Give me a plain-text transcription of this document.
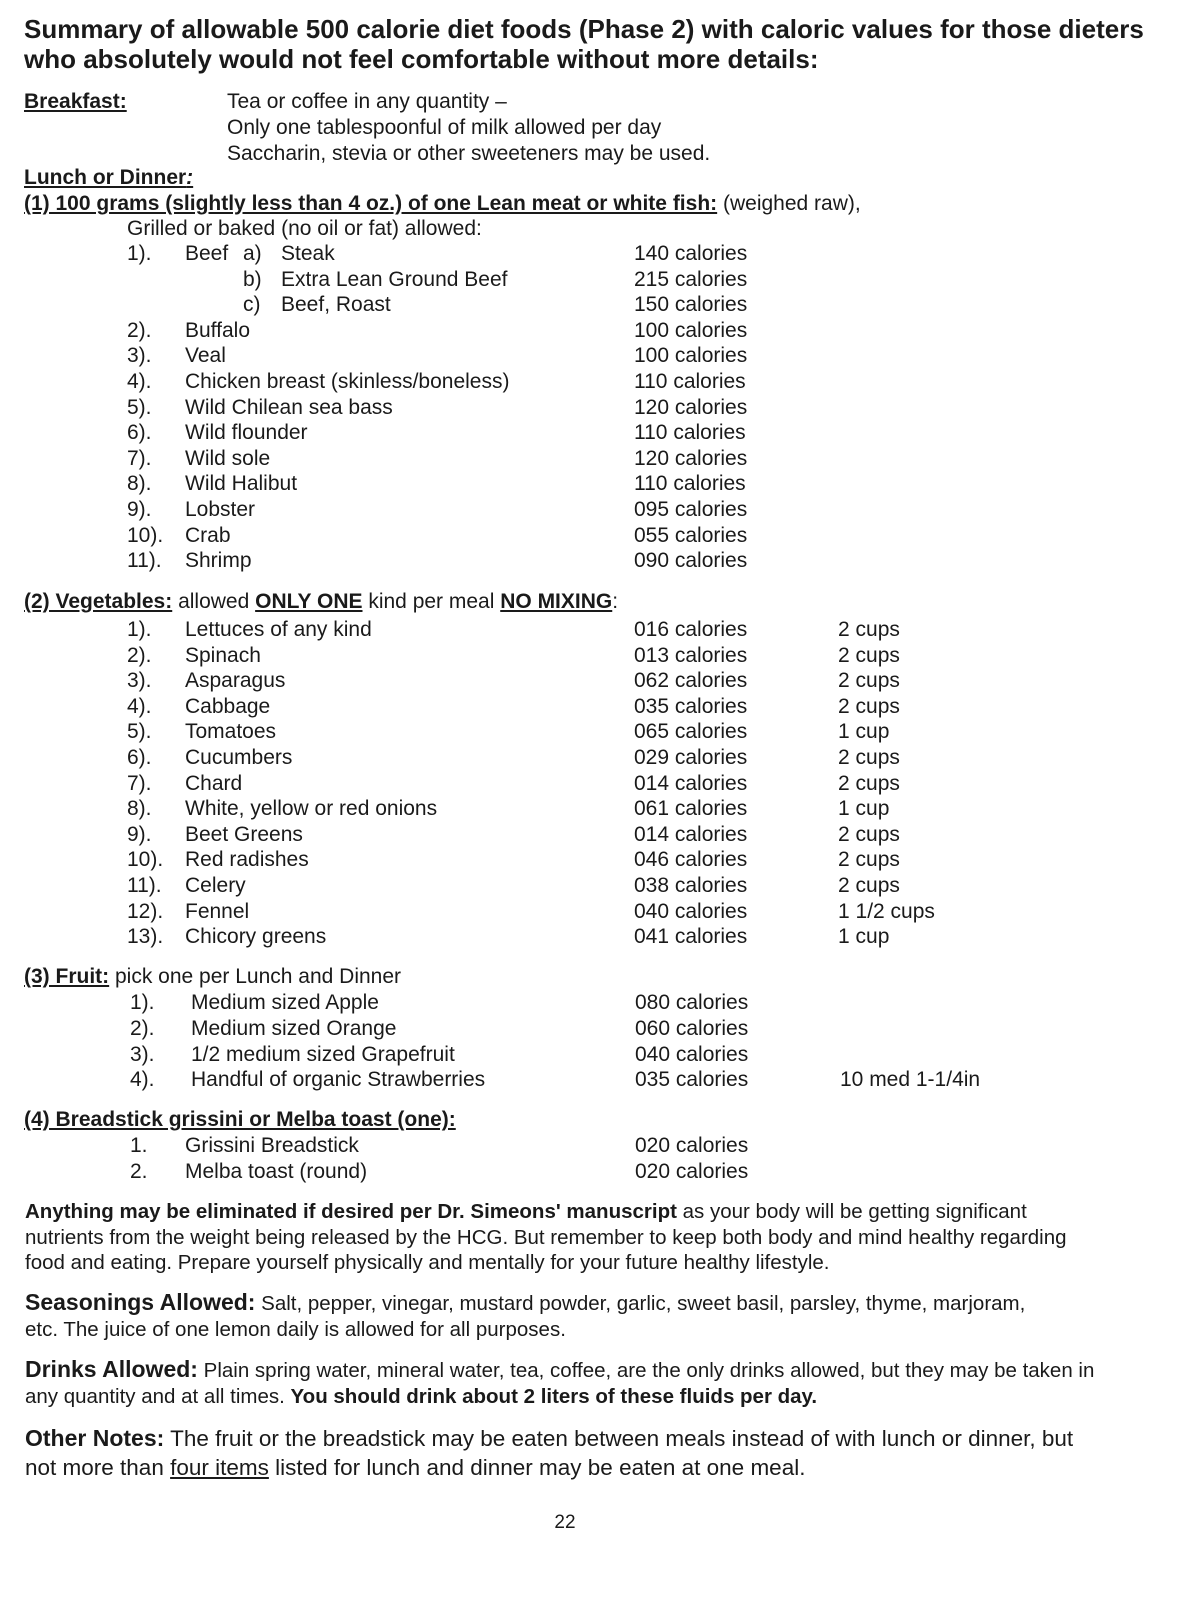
Summary of allowable 500 calorie diet foods (Phase 2) with caloric values for those dieters
who absolutely would not feel comfortable without more details:
Breakfast:	Tea or coffee in any quantity –
Only one tablespoonful of milk allowed per day
Saccharin, stevia or other sweeteners may be used.
Lunch or Dinner:
(1) 100 grams (slightly less than 4 oz.) of one Lean meat or white fish: (weighed raw),
Grilled or baked (no oil or fat) allowed:
1). Beef a) Steak	140 calories
b) Extra Lean Ground Beef	215 calories
c) Beef, Roast	150 calories
2). Buffalo	100 calories
3). Veal	100 calories
4). Chicken breast (skinless/boneless)	110 calories
5). Wild Chilean sea bass	120 calories
6). Wild flounder	110 calories
7). Wild sole	120 calories
8). Wild Halibut	110 calories
9). Lobster	095 calories
10). Crab	055 calories
11). Shrimp	090 calories
(2) Vegetables: allowed ONLY ONE kind per meal NO MIXING:
1). Lettuces of any kind	016 calories	2 cups
2). Spinach	013 calories	2 cups
3). Asparagus	062 calories	2 cups
4). Cabbage	035 calories	2 cups
5). Tomatoes	065 calories	1 cup
6). Cucumbers	029 calories	2 cups
7). Chard	014 calories	2 cups
8). White, yellow or red onions	061 calories	1 cup
9). Beet Greens	014 calories	2 cups
10). Red radishes	046 calories	2 cups
11). Celery	038 calories	2 cups
12). Fennel	040 calories	1 1/2 cups
13). Chicory greens	041 calories	1 cup
(3) Fruit: pick one per Lunch and Dinner
1). Medium sized Apple	080 calories
2). Medium sized Orange	060 calories
3). 1/2 medium sized Grapefruit	040 calories
4). Handful of organic Strawberries	035 calories	10 med 1-1/4in
(4) Breadstick grissini or Melba toast (one):
1. Grissini Breadstick	020 calories
2. Melba toast (round)	020 calories

Anything may be eliminated if desired per Dr. Simeons' manuscript as your body will be getting significant nutrients from the weight being released by the HCG. But remember to keep both body and mind healthy regarding food and eating. Prepare yourself physically and mentally for your future healthy lifestyle.

Seasonings Allowed: Salt, pepper, vinegar, mustard powder, garlic, sweet basil, parsley, thyme, marjoram, etc. The juice of one lemon daily is allowed for all purposes.

Drinks Allowed: Plain spring water, mineral water, tea, coffee, are the only drinks allowed, but they may be taken in any quantity and at all times. You should drink about 2 liters of these fluids per day.

Other Notes: The fruit or the breadstick may be eaten between meals instead of with lunch or dinner, but not more than four items listed for lunch and dinner may be eaten at one meal.

22
